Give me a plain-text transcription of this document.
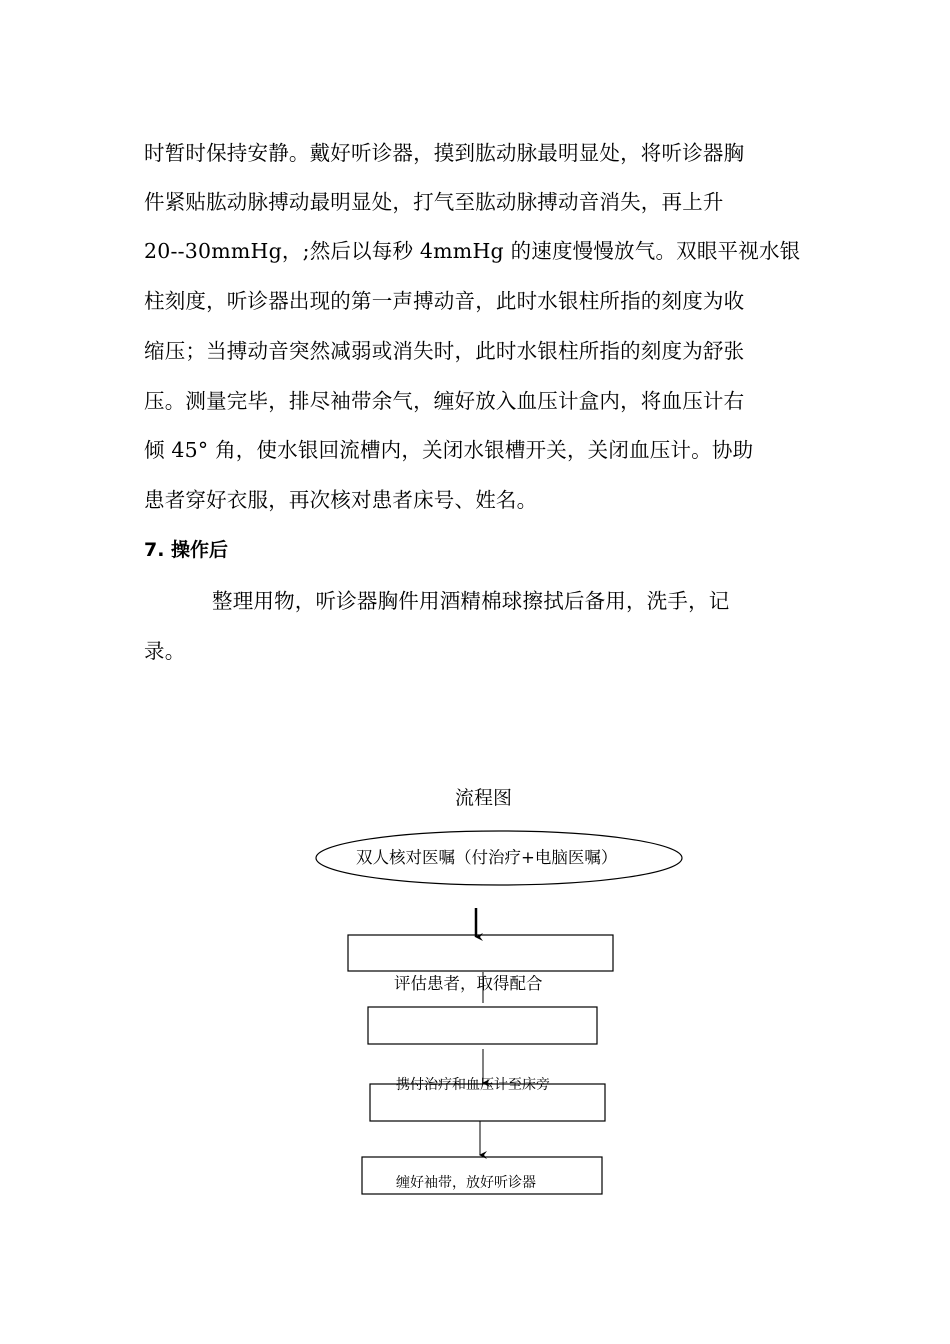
时暂时保持安静。戴好听诊器，摸到肱动脉最明显处，将听诊器胸
件紧贴肱动脉搏动最明显处，打气至肱动脉搏动音消失，再上升
20--30mmHg，;然后以每秒 4mmHg 的速度慢慢放气。双眼平视水银
柱刻度，听诊器出现的第一声搏动音，此时水银柱所指的刻度为收
缩压；当搏动音突然减弱或消失时，此时水银柱所指的刻度为舒张
压。测量完毕，排尽袖带余气，缠好放入血压计盒内，将血压计右
倾 45° 角，使水银回流槽内，关闭水银槽开关，关闭血压计。协助
患者穿好衣服，再次核对患者床号、姓名。
7. 操作后
整理用物，听诊器胸件用酒精棉球擦拭后备用，洗手，记
录。
流程图
双人核对医嘱（付治疗+电脑医嘱）
评估患者，取得配合
携付治疗和血压计至床旁
缠好袖带，放好听诊器
